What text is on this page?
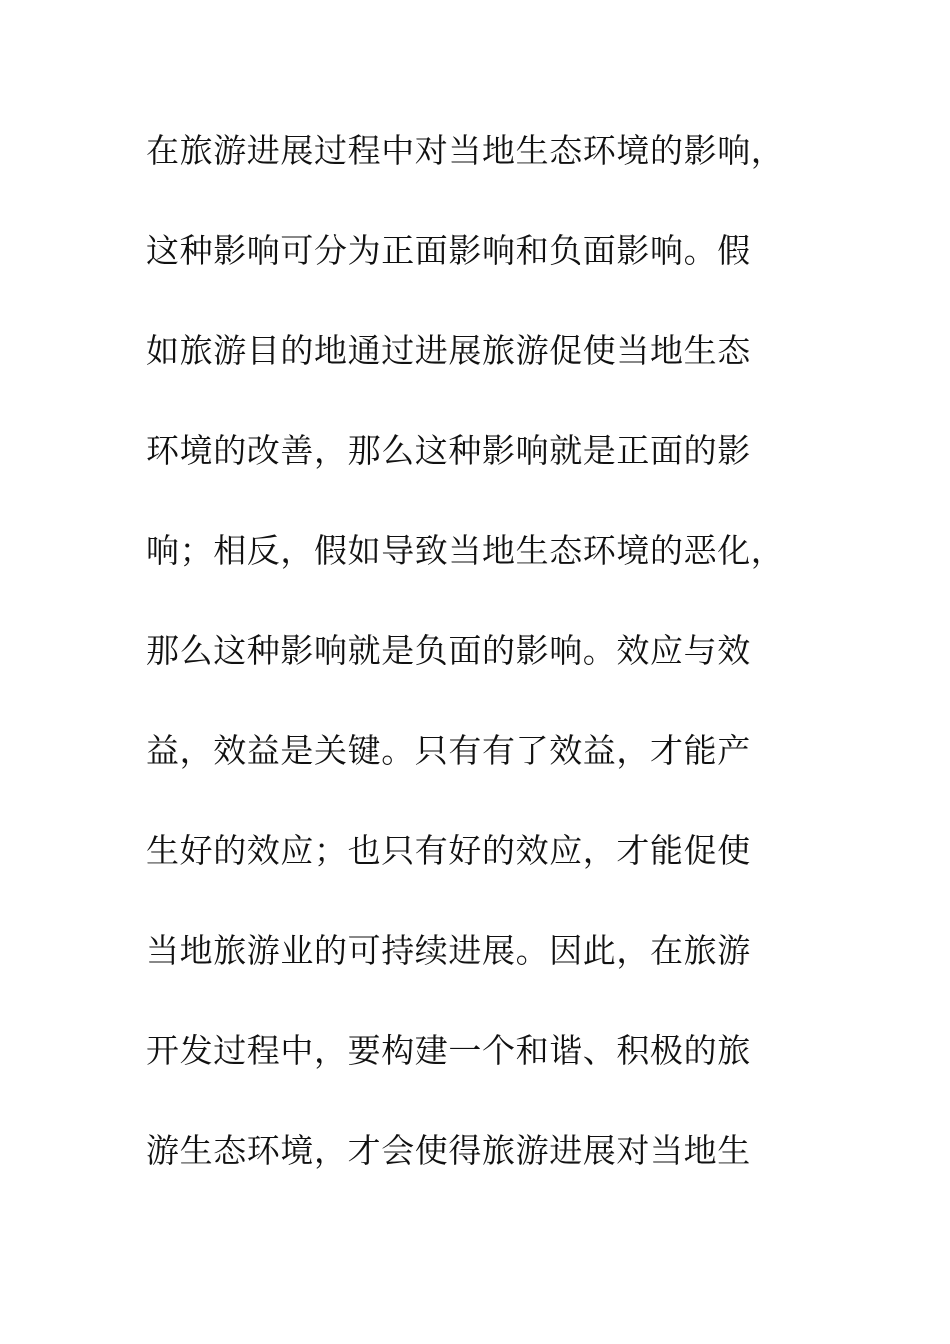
在旅游进展过程中对当地生态环境的影响，
这种影响可分为正面影响和负面影响。假
如旅游目的地通过进展旅游促使当地生态
环境的改善，那么这种影响就是正面的影
响；相反，假如导致当地生态环境的恶化，
那么这种影响就是负面的影响。效应与效
益，效益是关键。只有有了效益，才能产
生好的效应；也只有好的效应，才能促使
当地旅游业的可持续进展。因此，在旅游
开发过程中，要构建一个和谐、积极的旅
游生态环境，才会使得旅游进展对当地生
